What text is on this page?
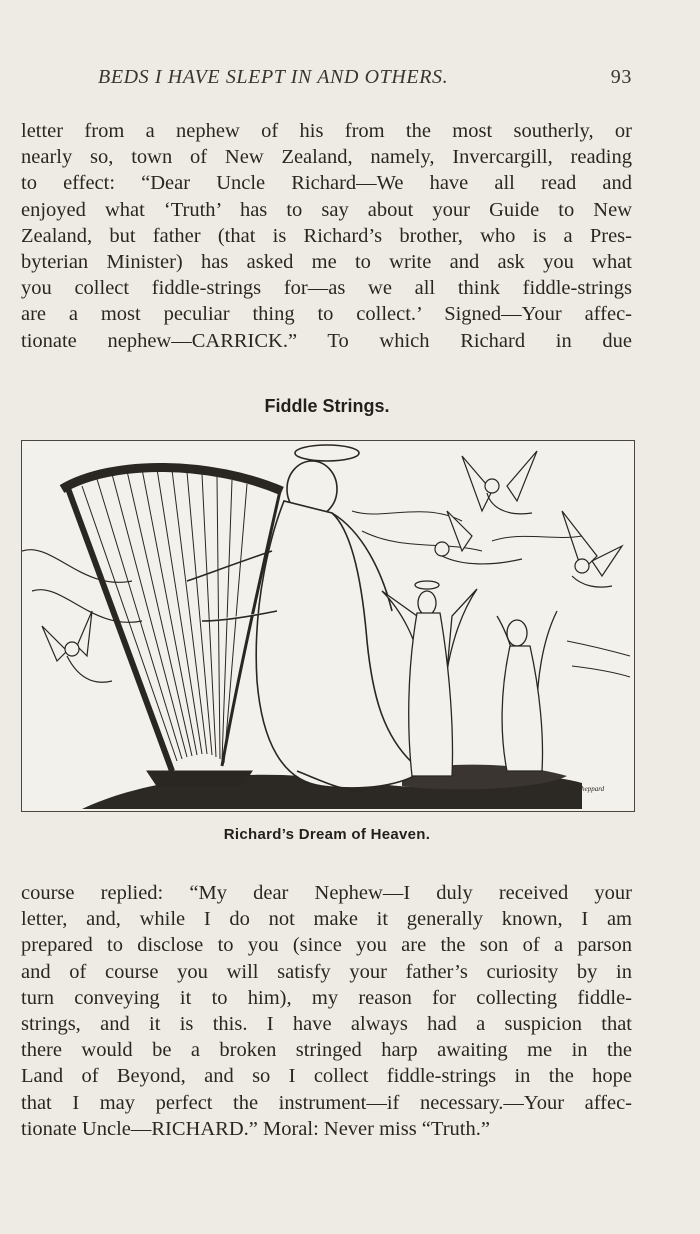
BEDS I HAVE SLEPT IN AND OTHERS.	93
letter from a nephew of his from the most southerly, or
nearly so, town of New Zealand, namely, Invercargill, reading
to effect: “Dear Uncle Richard—We have all read and
enjoyed what ‘Truth’ has to say about your Guide to New
Zealand, but father (that is Richard’s brother, who is a Pres-
byterian Minister) has asked me to write and ask you what
you collect fiddle-strings for—as we all think fiddle-strings
are a most peculiar thing to collect.’ Signed—Your affec-
tionate nephew—CARRICK.” To which Richard in due
Fiddle Strings.
M Sheppard
Richard’s Dream of Heaven.
course replied: “My dear Nephew—I duly received your
letter, and, while I do not make it generally known, I am
prepared to disclose to you (since you are the son of a parson
and of course you will satisfy your father’s curiosity by in
turn conveying it to him), my reason for collecting fiddle-
strings, and it is this. I have always had a suspicion that
there would be a broken stringed harp awaiting me in the
Land of Beyond, and so I collect fiddle-strings in the hope
that I may perfect the instrument—if necessary.—Your affec-
tionate Uncle—RICHARD.” Moral: Never miss “Truth.”
